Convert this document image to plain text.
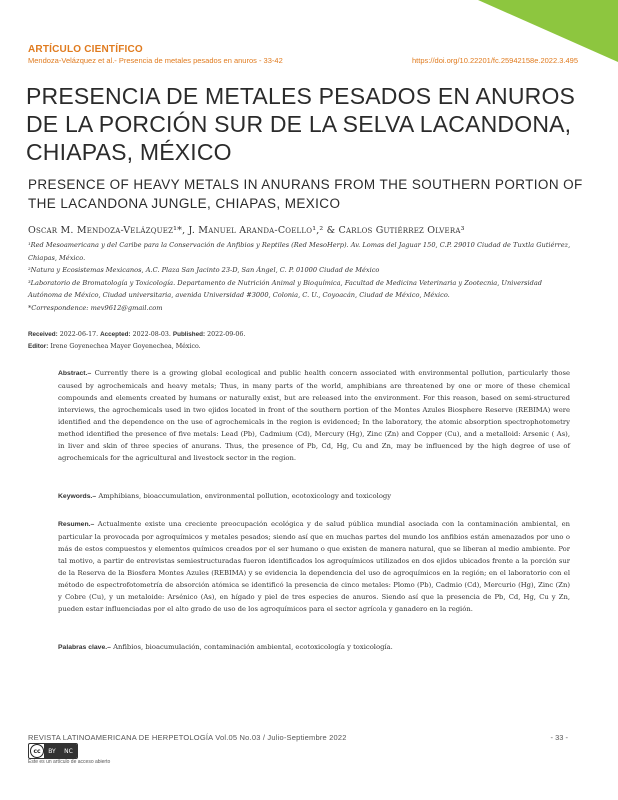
ARTÍCULO CIENTÍFICO
Mendoza-Velázquez et al.- Presencia de metales pesados en anuros - 33-42	https://doi.org/10.22201/fc.25942158e.2022.3.495
PRESENCIA DE METALES PESADOS EN ANUROS
DE LA PORCIÓN SUR DE LA SELVA LACANDONA,
CHIAPAS, MÉXICO
PRESENCE OF HEAVY METALS IN ANURANS FROM THE SOUTHERN PORTION OF
THE LACANDONA JUNGLE, CHIAPAS, MEXICO
Oscar M. Mendoza-Velázquez¹*, J. Manuel Aranda-Coello¹,² & Carlos Gutiérrez Olvera³
¹Red Mesoamericana y del Caribe para la Conservación de Anfibios y Reptiles (Red MesoHerp). Av. Lomas del Jaguar 150, C.P. 29010 Ciudad de Tuxtla Gutiérrez, Chiapas, México.
²Natura y Ecosistemas Mexicanos, A.C. Plaza San Jacinto 23-D, San Ángel, C. P. 01000 Ciudad de México
³Laboratorio de Bromatología y Toxicología. Departamento de Nutrición Animal y Bioquímica, Facultad de Medicina Veterinaria y Zootecnia, Universidad Autónoma de México, Ciudad universitaria, avenida Universidad #3000, Colonia, C. U., Coyoacán, Ciudad de México, México.
*Correspondence: mev9612@gmail.com
Received: 2022-06-17. Accepted: 2022-08-03. Published: 2022-09-06.
Editor: Irene Goyenechea Mayer Goyenechea, México.

Abstract.– Currently there is a growing global ecological and public health concern associated with environmental pollution, particularly those caused by agrochemicals and heavy metals; Thus, in many parts of the world, amphibians are threatened by one or more of these chemical compounds and elements created by humans or naturally exist, but are released into the environment. For this reason, based on semi-structured interviews, the agrochemicals used in two ejidos located in front of the southern portion of the Montes Azules Biosphere Reserve (REBIMA) were identified and the dependence on the use of agrochemicals in the region is evidenced; In the laboratory, the atomic absorption spectrophotometry method identified the presence of five metals: Lead (Pb), Cadmium (Cd), Mercury (Hg), Zinc (Zn) and Copper (Cu), and a metalloid: Arsenic ( As), in liver and skin of three species of anurans. Thus, the presence of Pb, Cd, Hg, Cu and Zn, may be influenced by the high degree of use of agrochemicals for the agricultural and livestock sector in the region.

Keywords.– Amphibians, bioaccumulation, environmental pollution, ecotoxicology and toxicology

Resumen.– Actualmente existe una creciente preocupación ecológica y de salud pública mundial asociada con la contaminación ambiental, en particular la provocada por agroquímicos y metales pesados; siendo así que en muchas partes del mundo los anfibios están amenazados por uno o más de estos compuestos y elementos químicos creados por el ser humano o que existen de manera natural, que se liberan al medio ambiente. Por tal motivo, a partir de entrevistas semiestructuradas fueron identificados los agroquímicos utilizados en dos ejidos ubicados frente a la porción sur de la Reserva de la Biosfera Montes Azules (REBIMA) y se evidencia la dependencia del uso de agroquímicos en la región; en el laboratorio con el método de espectrofotometría de absorción atómica se identificó la presencia de cinco metales: Plomo (Pb), Cadmio (Cd), Mercurio (Hg), Zinc (Zn) y Cobre (Cu), y un metaloide: Arsénico (As), en hígado y piel de tres especies de anuros. Siendo así que la presencia de Pb, Cd, Hg, Cu y Zn, pueden estar influenciadas por el alto grado de uso de los agroquímicos para el sector agrícola y ganadero en la región.

Palabras clave.– Anfibios, bioacumulación, contaminación ambiental, ecotoxicología y toxicología.
REVISTA LATINOAMERICANA DE HERPETOLOGÍA Vol.05 No.03 / Julio-Septiembre 2022	- 33 -
cc	BY NC
Este es un artículo de acceso abierto
